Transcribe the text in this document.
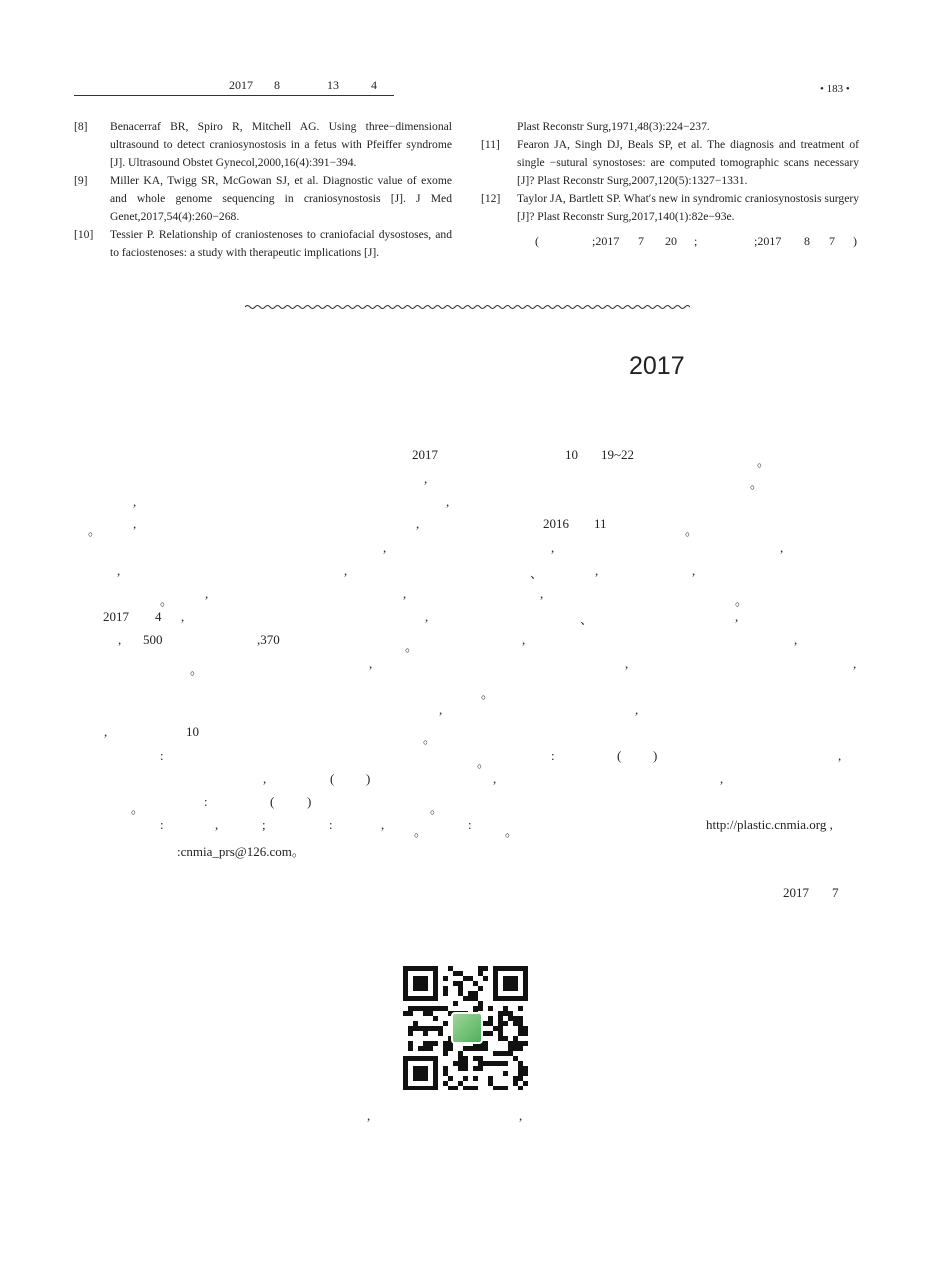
2017 8	13	4	• 183 •

[8] Benacerraf BR, Spiro R, Mitchell AG. Using three−dimensional ultrasound to detect craniosynostosis in a fetus with Pfeiffer syndrome [J]. Ultrasound Obstet Gynecol,2000,16(4):391−394.

[9] Miller KA, Twigg SR, McGowan SJ, et al. Diagnostic value of exome and whole genome sequencing in craniosynostosis [J]. J Med Genet,2017,54(4):260−268.

[10] Tessier P. Relationship of craniostenoses to craniofacial dysostoses, and to faciostenoses: a study with therapeutic implications [J].

Plast Reconstr Surg,1971,48(3):224−237.

[11] Fearon JA, Singh DJ, Beals SP, et al. The diagnosis and treatment of single −sutural synostoses: are computed tomographic scans necessary [J]? Plast Reconstr Surg,2007,120(5):1327−1331.

[12] Taylor JA, Bartlett SP. What′s new in syndromic craniosynostosis surgery [J]? Plast Reconstr Surg,2017,140(1):82e−93e.

(	;2017 7 20 ;	;2017 8 7 )
2017
2017	10 19~22	。
,	。
,	,
。 ,	,	2016 11	。
,	,	,
,	,	、	,	,
。 ,	,	,	。
2017 4 ,	,	、	,
, 500	,370	。	,	,
。	,	,	,
。
,	,
,	10	。
:	。	:	( )	,
,	( )	,	,
。	:	(	)	。
:	,	;	:	, 。	:	。	http://plastic.cnmia.org ,
:cnmia_prs@126.com。
2017 7
,	,
